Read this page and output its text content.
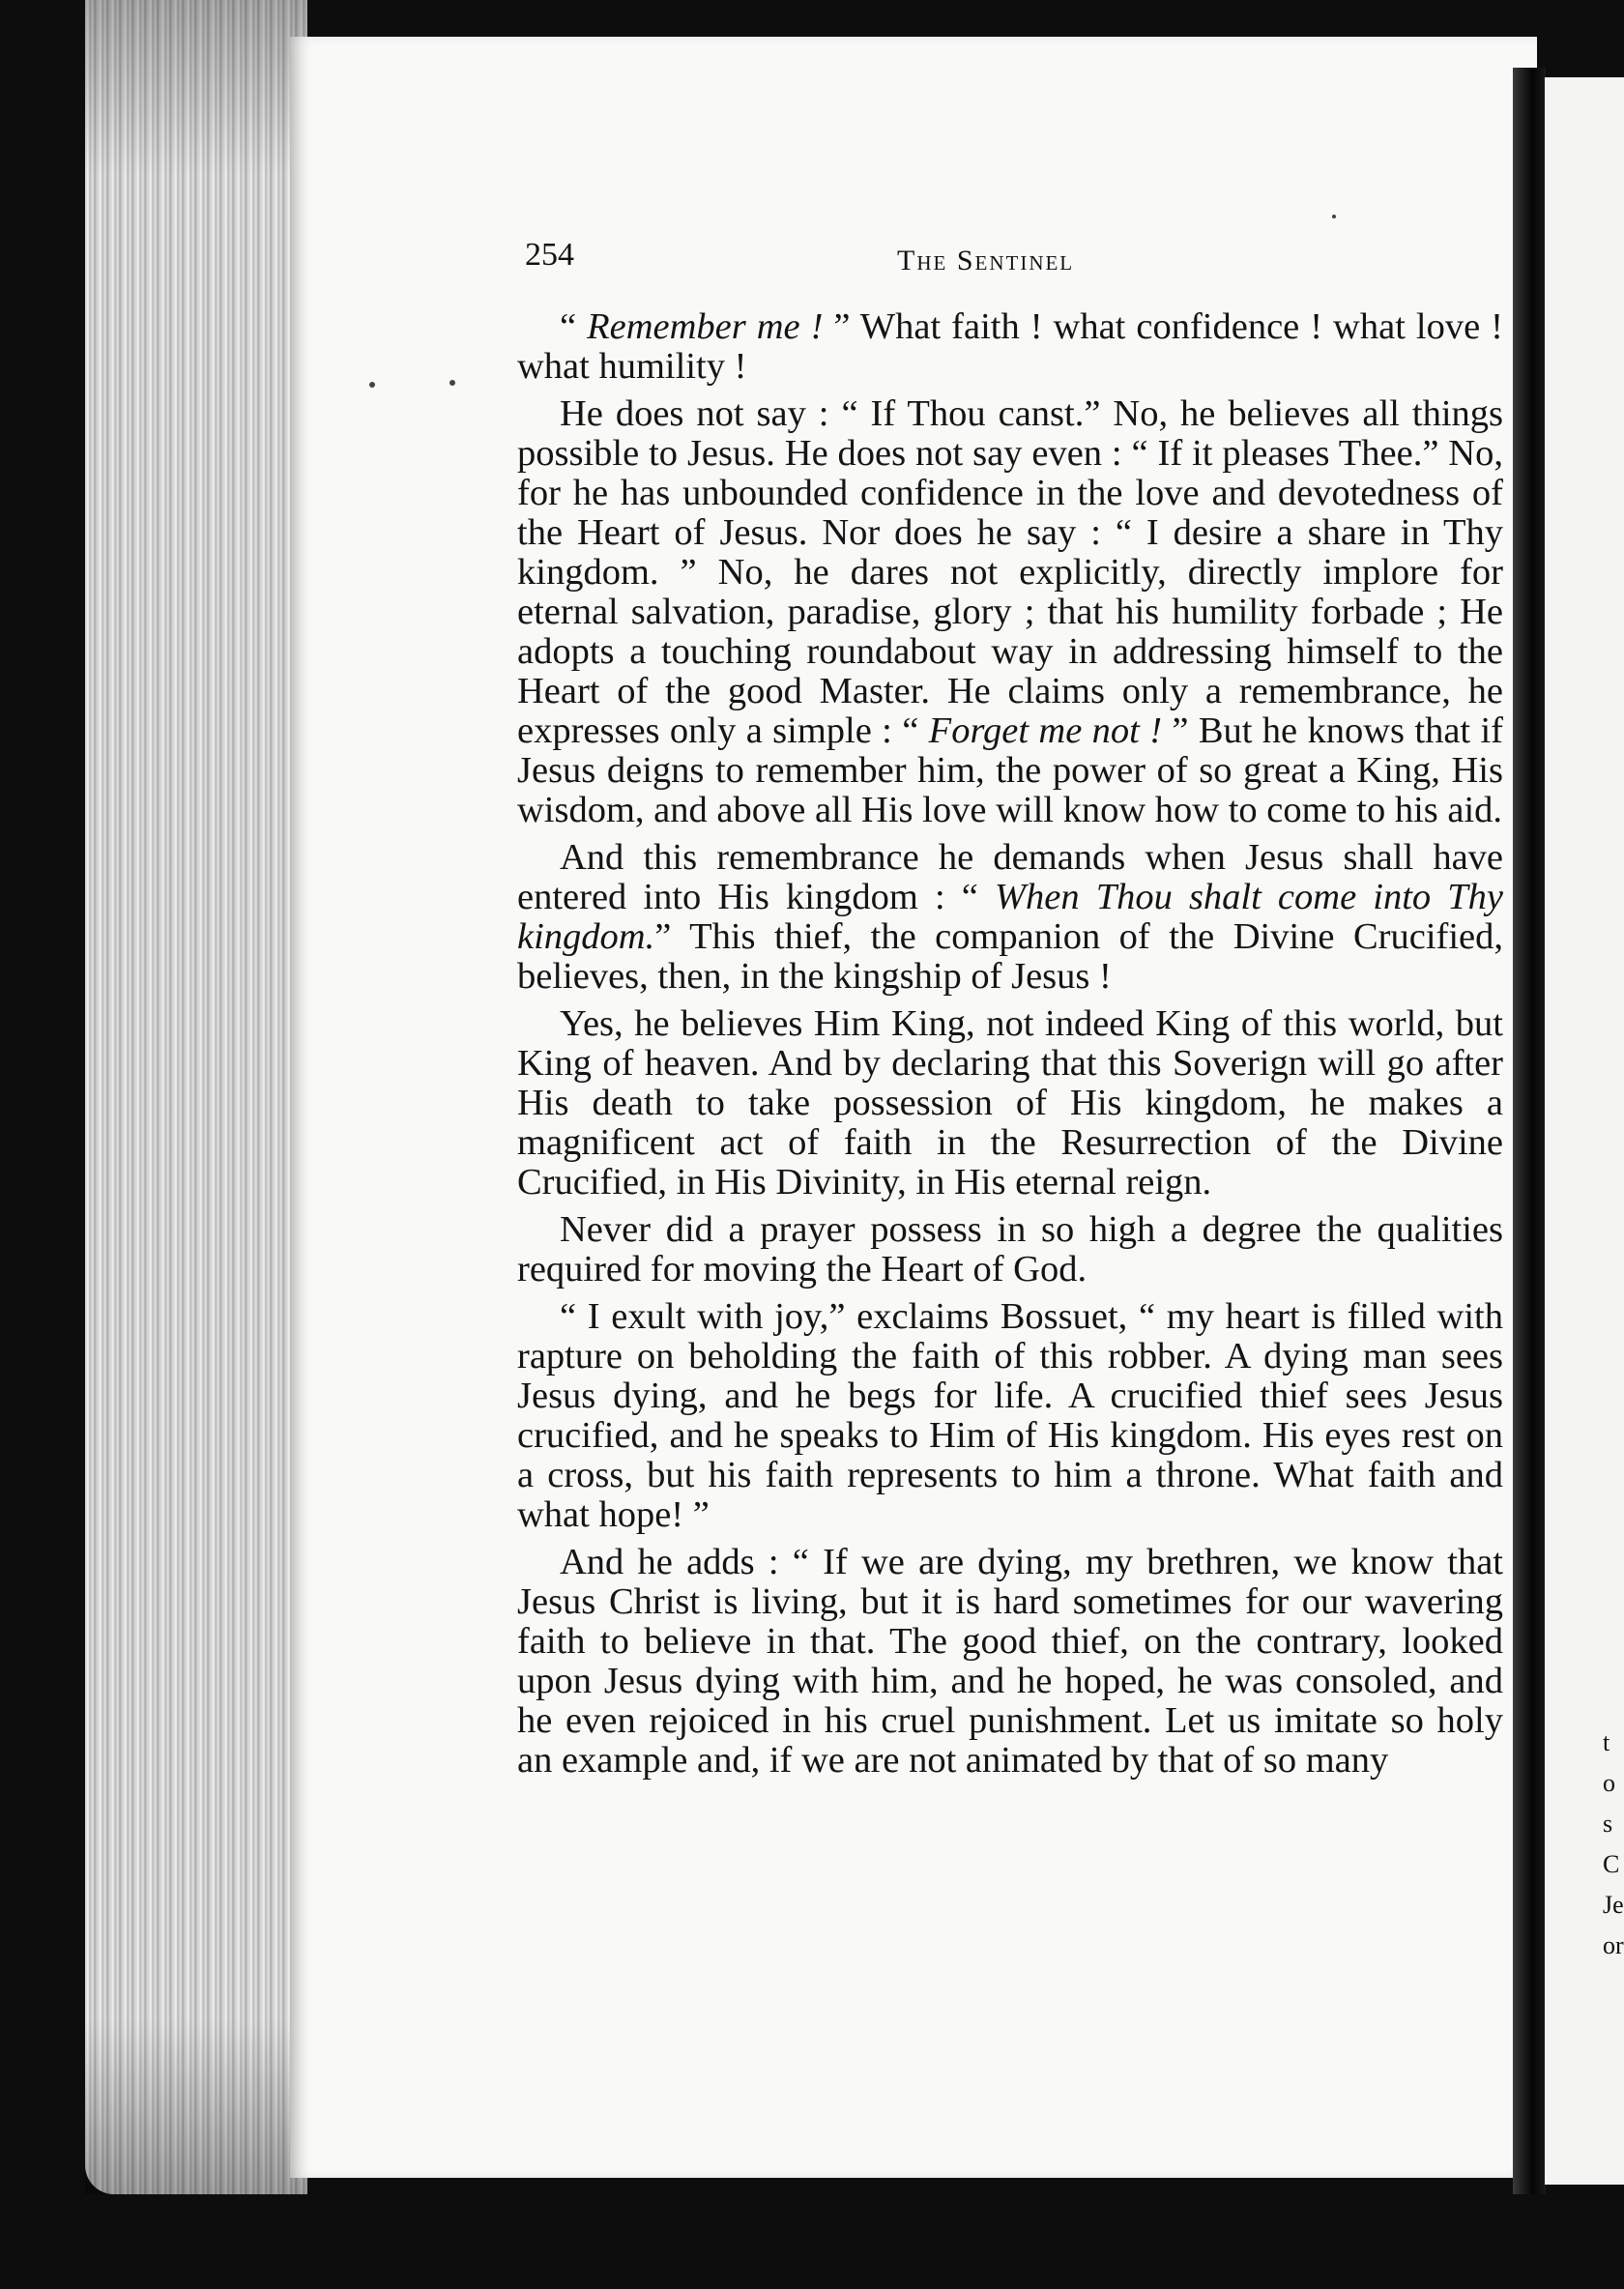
t
o
s
C
Je
or
254	The Sentinel

“ Remember me ! ” What faith ! what confidence ! what love ! what humility !

He does not say : “ If Thou canst.” No, he believes all things possible to Jesus. He does not say even : “ If it pleases Thee.” No, for he has unbounded confidence in the love and devotedness of the Heart of Jesus. Nor does he say : “ I desire a share in Thy kingdom. ” No, he dares not explicitly, directly implore for eternal salvation, paradise, glory ; that his humility forbade ; He adopts a touching roundabout way in addressing himself to the Heart of the good Master. He claims only a remembrance, he expresses only a simple : “ Forget me not ! ” But he knows that if Jesus deigns to remember him, the power of so great a King, His wisdom, and above all His love will know how to come to his aid.

And this remembrance he demands when Jesus shall have entered into His kingdom : “ When Thou shalt come into Thy kingdom.” This thief, the companion of the Divine Crucified, believes, then, in the kingship of Jesus !

Yes, he believes Him King, not indeed King of this world, but King of heaven. And by declaring that this Soverign will go after His death to take possession of His kingdom, he makes a magnificent act of faith in the Resurrection of the Divine Crucified, in His Divinity, in His eternal reign.

Never did a prayer possess in so high a degree the qualities required for moving the Heart of God.

“ I exult with joy,” exclaims Bossuet, “ my heart is filled with rapture on beholding the faith of this robber. A dying man sees Jesus dying, and he begs for life. A crucified thief sees Jesus crucified, and he speaks to Him of His kingdom. His eyes rest on a cross, but his faith represents to him a throne. What faith and what hope! ”

And he adds : “ If we are dying, my brethren, we know that Jesus Christ is living, but it is hard sometimes for our wavering faith to believe in that. The good thief, on the contrary, looked upon Jesus dying with him, and he hoped, he was consoled, and he even rejoiced in his cruel punishment. Let us imitate so holy an example and, if we are not animated by that of so many
